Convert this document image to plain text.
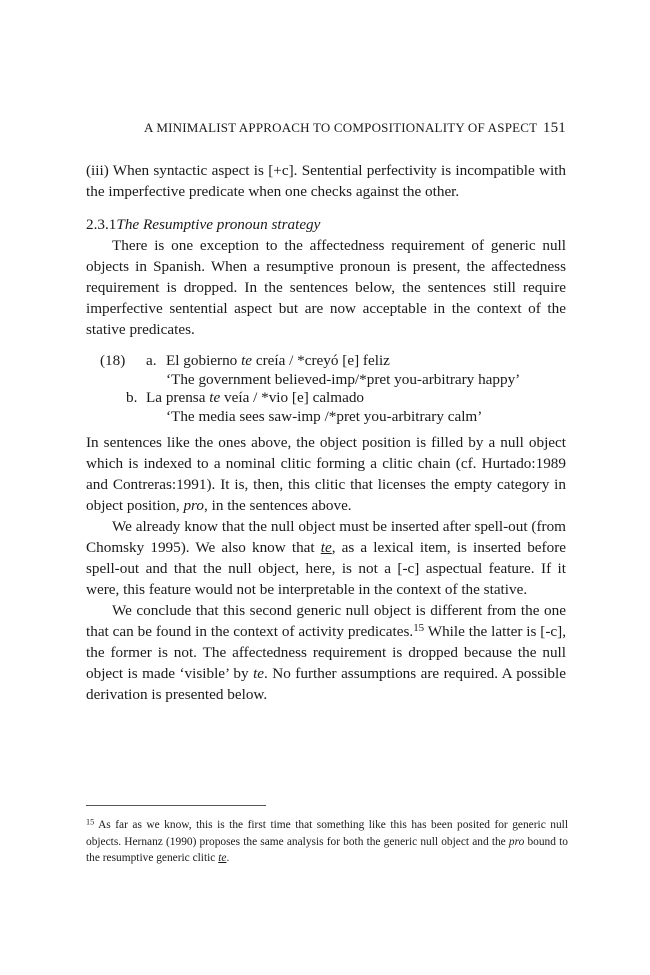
A MINIMALIST APPROACH TO COMPOSITIONALITY OF ASPECT 151

(iii) When syntactic aspect is [+c]. Sentential perfectivity is incompatible with the imperfective predicate when one checks against the other.

2.3.1The Resumptive pronoun strategy

There is one exception to the affectedness requirement of generic null objects in Spanish. When a resumptive pronoun is present, the affectedness requirement is dropped. In the sentences below, the sentences still require imperfective sentential aspect but are now acceptable in the context of the stative predicates.

(18)	a. El gobierno te creía / *creyó [e] feliz
‘The government believed-imp/*pret you-arbitrary happy’
b. La prensa te veía / *vio [e] calmado
‘The media sees saw-imp /*pret you-arbitrary calm’

In sentences like the ones above, the object position is filled by a null object which is indexed to a nominal clitic forming a clitic chain (cf. Hurtado:1989 and Contreras:1991). It is, then, this clitic that licenses the empty category in object position, pro, in the sentences above.

We already know that the null object must be inserted after spell-out (from Chomsky 1995). We also know that te, as a lexical item, is inserted before spell-out and that the null object, here, is not a [-c] aspectual feature. If it were, this feature would not be interpretable in the context of the stative.

We conclude that this second generic null object is different from the one that can be found in the context of activity predicates.$^{15}$ While the latter is [-c], the former is not. The affectedness requirement is dropped because the null object is made ‘visible’ by te. No further assumptions are required. A possible derivation is presented below.

$^{15}$ As far as we know, this is the first time that something like this has been posited for generic null objects. Hernanz (1990) proposes the same analysis for both the generic null object and the pro bound to the resumptive generic clitic te.
